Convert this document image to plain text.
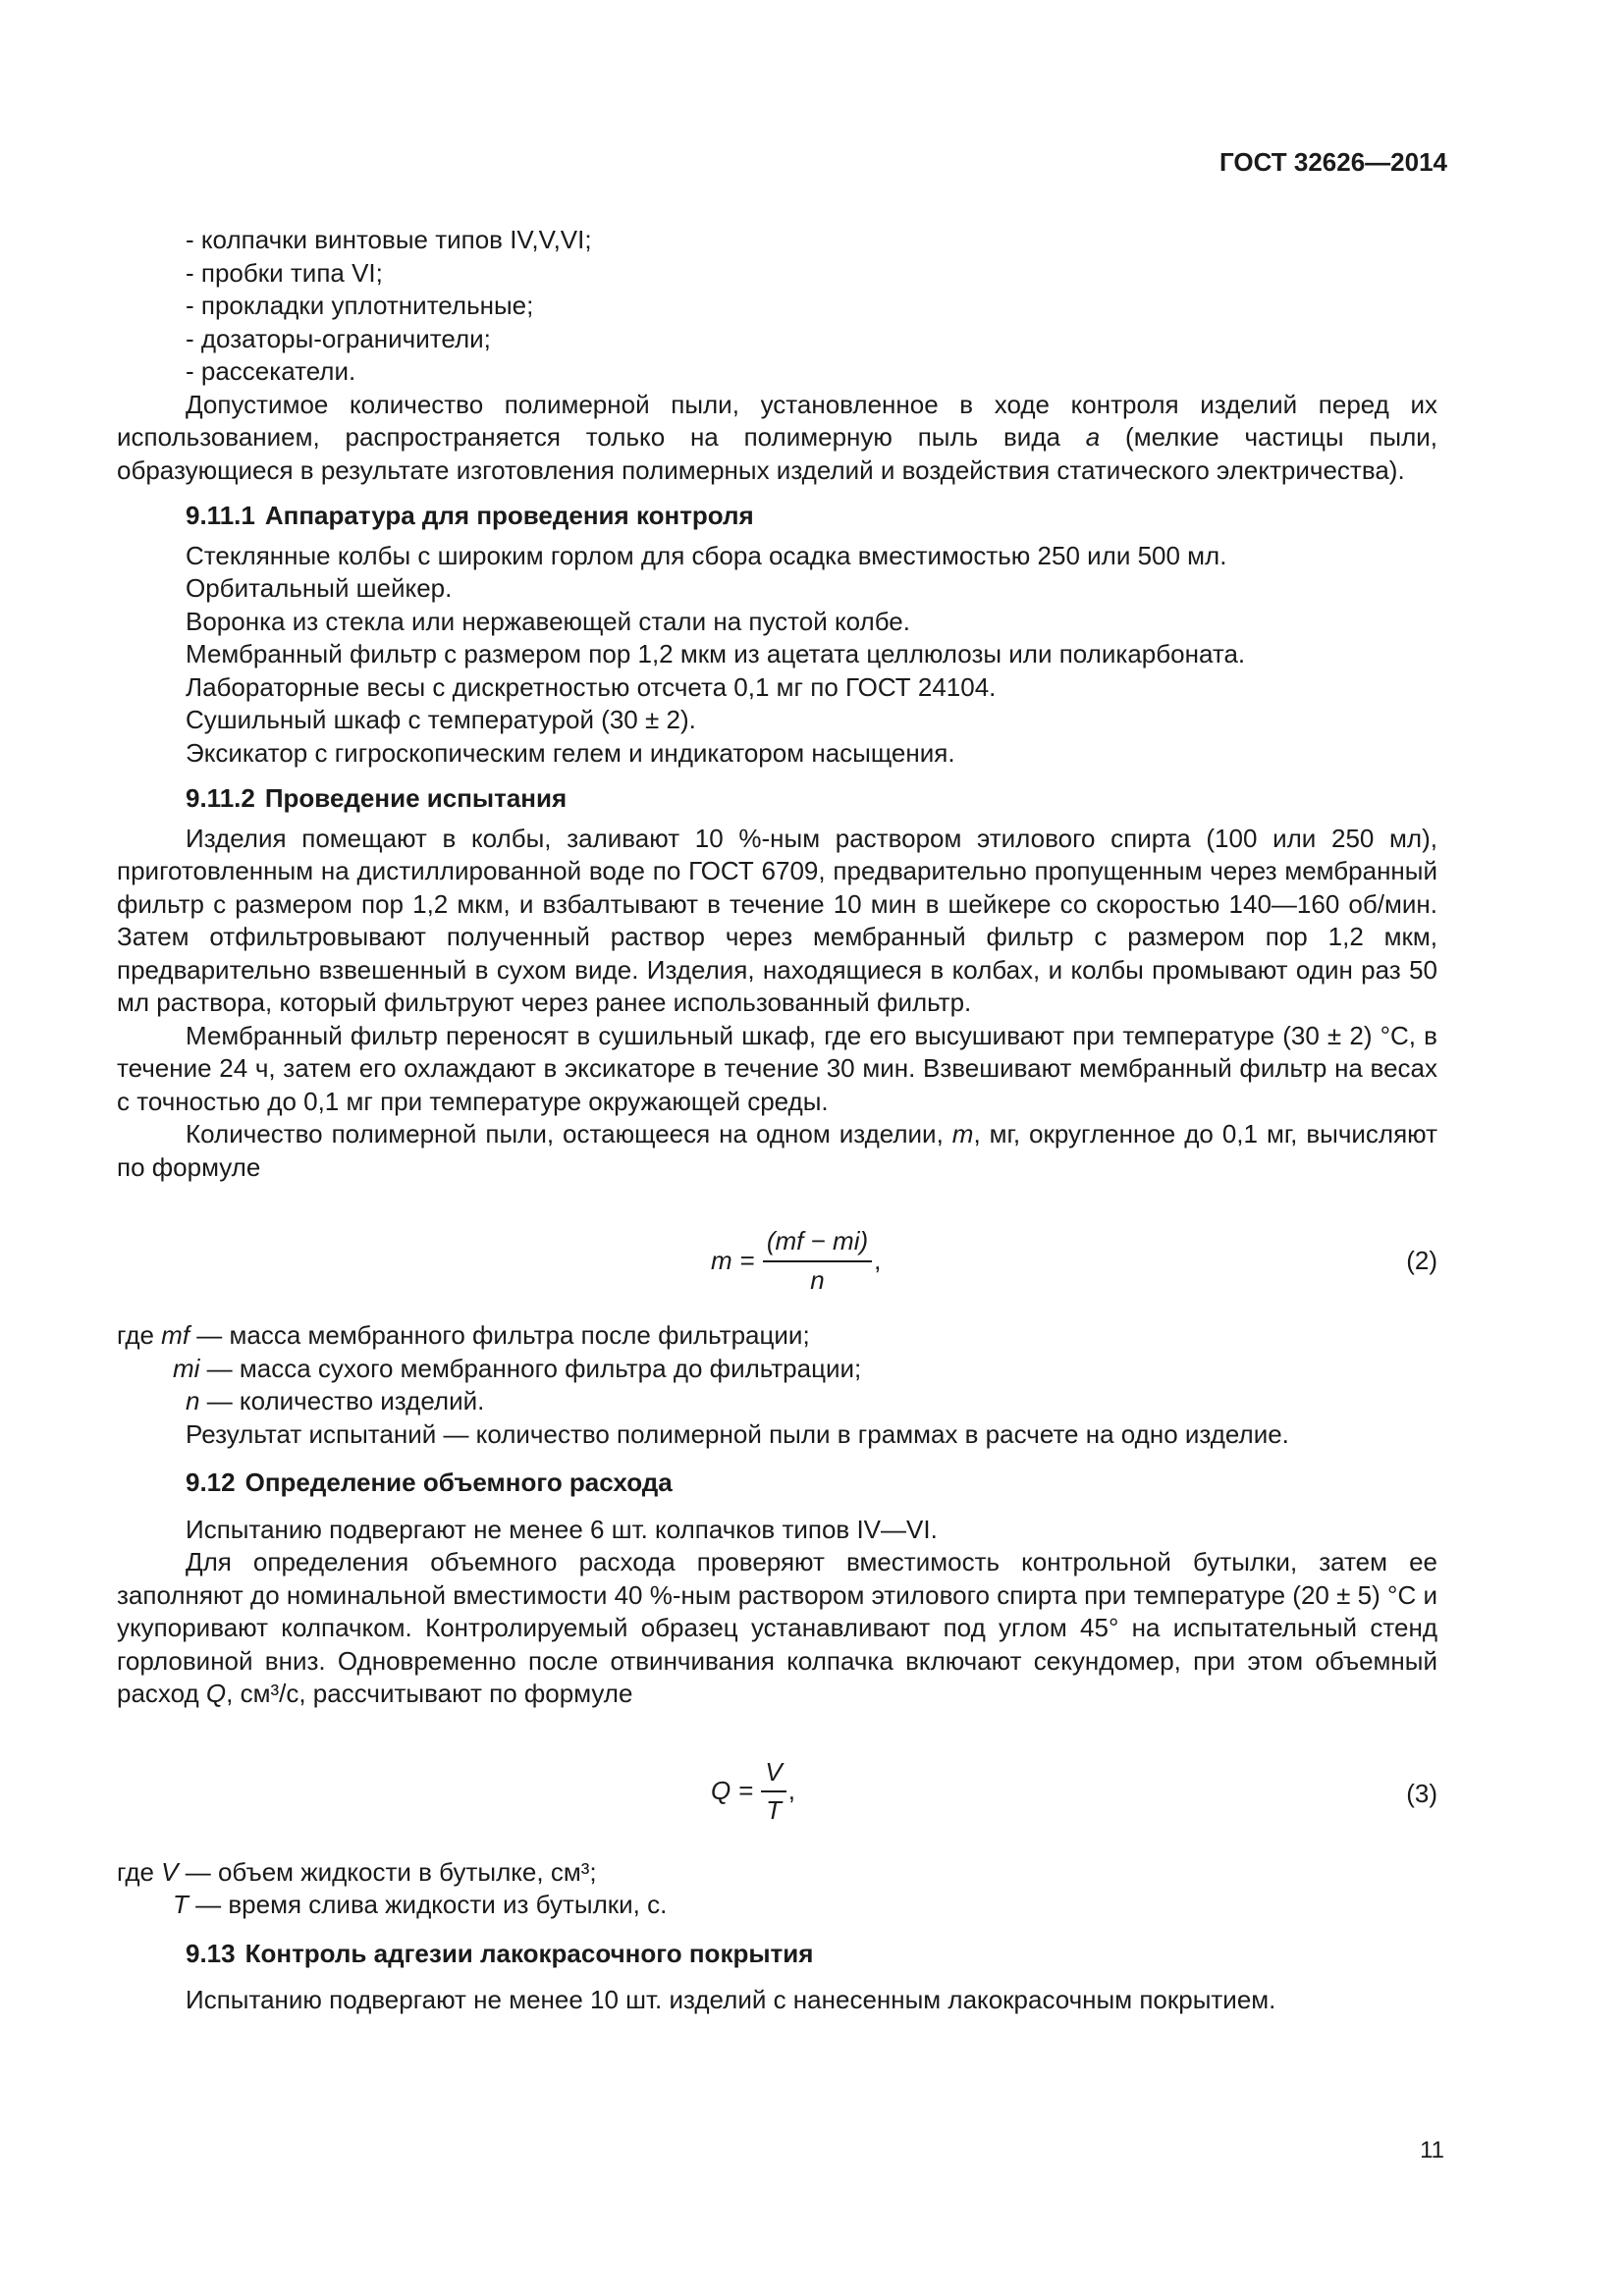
ГОСТ 32626—2014

- колпачки винтовые типов IV,V,VI;

- пробки типа VI;

- прокладки уплотнительные;

- дозаторы-ограничители;

- рассекатели.

Допустимое количество полимерной пыли, установленное в ходе контроля изделий перед их использованием, распространяется только на полимерную пыль вида а (мелкие частицы пыли, образующиеся в результате изготовления полимерных изделий и воздействия статического электричества).

9.11.1 Аппаратура для проведения контроля

Стеклянные колбы с широким горлом для сбора осадка вместимостью 250 или 500 мл.

Орбитальный шейкер.

Воронка из стекла или нержавеющей стали на пустой колбе.

Мембранный фильтр с размером пор 1,2 мкм из ацетата целлюлозы или поликарбоната.

Лабораторные весы с дискретностью отсчета 0,1 мг по ГОСТ 24104.

Сушильный шкаф с температурой (30 ± 2).

Эксикатор с гигроскопическим гелем и индикатором насыщения.

9.11.2 Проведение испытания

Изделия помещают в колбы, заливают 10 %-ным раствором этилового спирта (100 или 250 мл), приготовленным на дистиллированной воде по ГОСТ 6709, предварительно пропущенным через мембранный фильтр с размером пор 1,2 мкм, и взбалтывают в течение 10 мин в шейкере со скоростью 140—160 об/мин. Затем отфильтровывают полученный раствор через мембранный фильтр с размером пор 1,2 мкм, предварительно взвешенный в сухом виде. Изделия, находящиеся в колбах, и колбы промывают один раз 50 мл раствора, который фильтруют через ранее использованный фильтр.

Мембранный фильтр переносят в сушильный шкаф, где его высушивают при температуре (30 ± 2) °С, в течение 24 ч, затем его охлаждают в эксикаторе в течение 30 мин. Взвешивают мембранный фильтр на весах с точностью до 0,1 мг при температуре окружающей среды.

Количество полимерной пыли, остающееся на одном изделии, m, мг, округленное до 0,1 мг, вычисляют по формуле

$m = \frac{(mf - mi)}{n}$ ,	(2)

где mf — масса мембранного фильтра после фильтрации;

mi — масса сухого мембранного фильтра до фильтрации;

n — количество изделий.

Результат испытаний — количество полимерной пыли в граммах в расчете на одно изделие.

9.12 Определение объемного расхода

Испытанию подвергают не менее 6 шт. колпачков типов IV—VI.

Для определения объемного расхода проверяют вместимость контрольной бутылки, затем ее заполняют до номинальной вместимости 40 %-ным раствором этилового спирта при температуре (20 ± 5) °С и укупоривают колпачком. Контролируемый образец устанавливают под углом 45° на испытательный стенд горловиной вниз. Одновременно после отвинчивания колпачка включают секундомер, при этом объемный расход Q, см³/с, рассчитывают по формуле

$Q = \frac{V}{T}$ ,	(3)

где V — объем жидкости в бутылке, см³;

T — время слива жидкости из бутылки, с.

9.13 Контроль адгезии лакокрасочного покрытия

Испытанию подвергают не менее 10 шт. изделий с нанесенным лакокрасочным покрытием.

11
